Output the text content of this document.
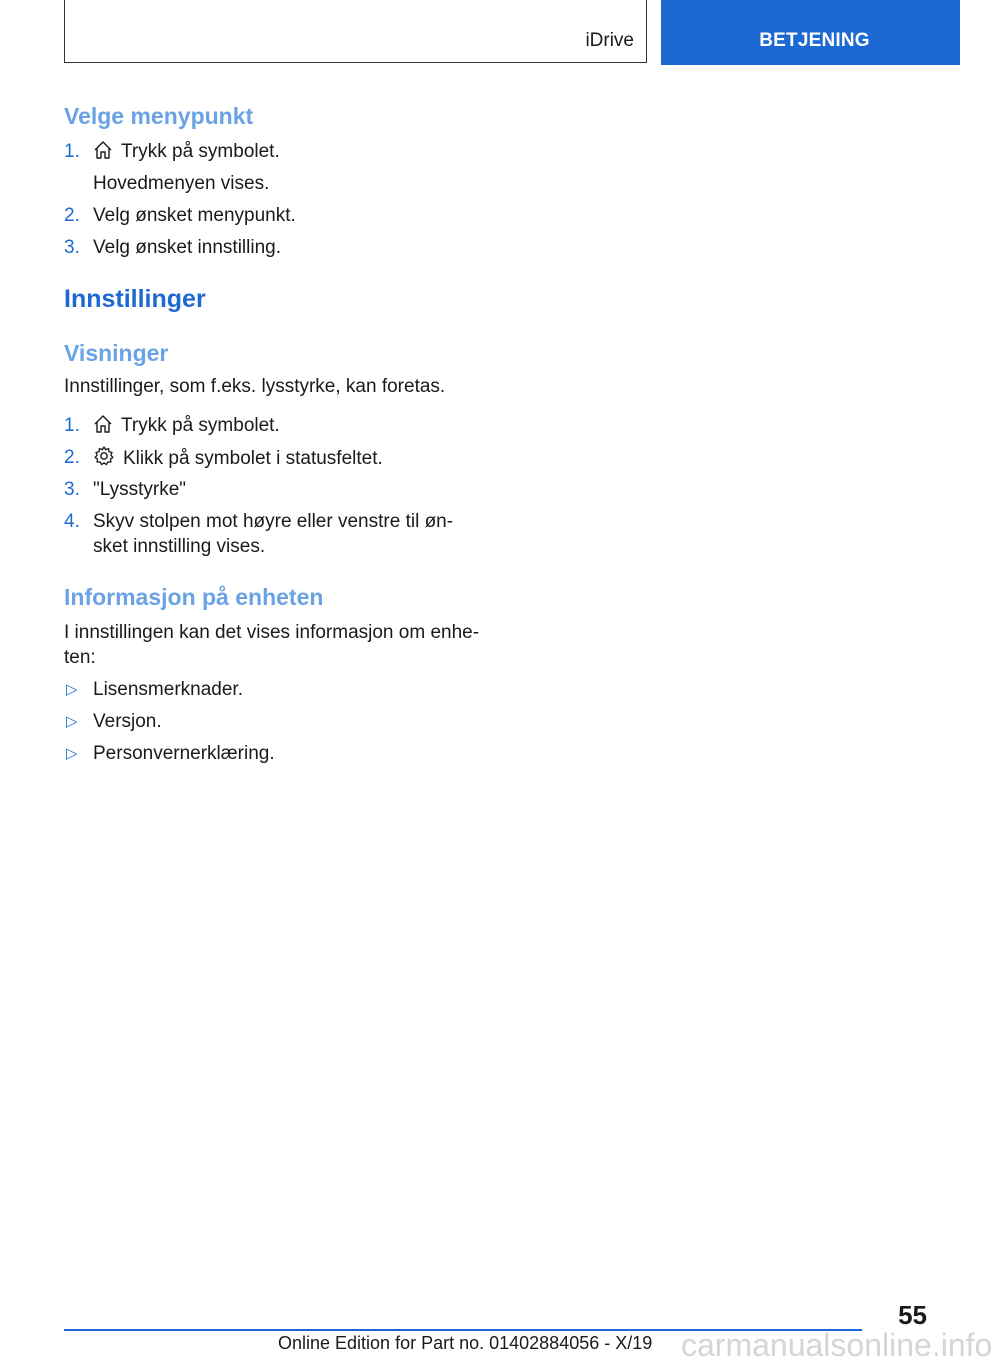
iDrive	BETJENING
Velge menypunkt
1.	Trykk på symbolet.
Hovedmenyen vises.
2. Velg ønsket menypunkt.
3. Velg ønsket innstilling.
Innstillinger
Visninger
Innstillinger, som f.eks. lysstyrke, kan foretas.
1.	Trykk på symbolet.
2.	Klikk på symbolet i statusfeltet.
3. "Lysstyrke"
4. Skyv stolpen mot høyre eller venstre til øn-sket innstilling vises.
Informasjon på enheten
I innstillingen kan det vises informasjon om enhe-ten:
▷ Lisensmerknader.
▷ Versjon.
▷ Personvernerklæring.
55
Online Edition for Part no. 01402884056 - X/19 carmanualsonline.info
